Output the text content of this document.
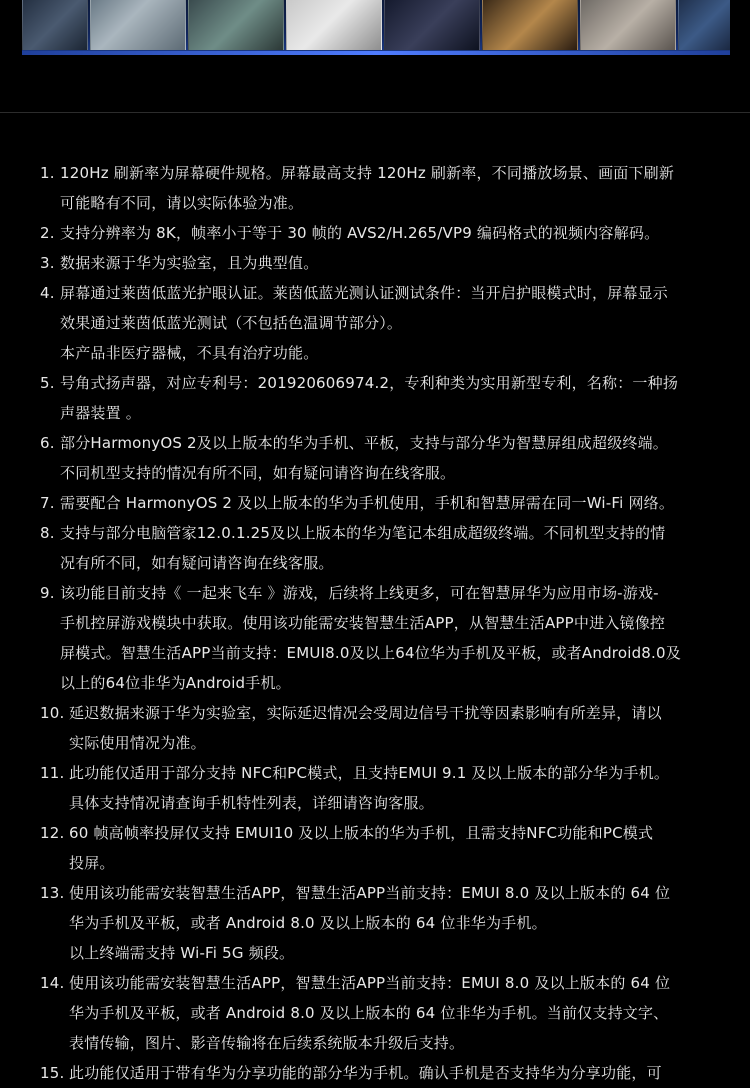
1. 120Hz 刷新率为屏幕硬件规格。屏幕最高支持 120Hz 刷新率，不同播放场景、画面下刷新
可能略有不同，请以实际体验为准。
2. 支持分辨率为 8K，帧率小于等于 30 帧的 AVS2/H.265/VP9 编码格式的视频内容解码。
3. 数据来源于华为实验室，且为典型值。
4. 屏幕通过莱茵低蓝光护眼认证。莱茵低蓝光测认证测试条件：当开启护眼模式时，屏幕显示
效果通过莱茵低蓝光测试（不包括色温调节部分）。
本产品非医疗器械，不具有治疗功能。
5. 号角式扬声器，对应专利号：201920606974.2，专利种类为实用新型专利，名称：一种扬
声器装置 。
6. 部分HarmonyOS 2及以上版本的华为手机、平板，支持与部分华为智慧屏组成超级终端。
不同机型支持的情况有所不同，如有疑问请咨询在线客服。
7. 需要配合 HarmonyOS 2 及以上版本的华为手机使用，手机和智慧屏需在同一Wi-Fi 网络。
8. 支持与部分电脑管家12.0.1.25及以上版本的华为笔记本组成超级终端。不同机型支持的情
况有所不同，如有疑问请咨询在线客服。
9. 该功能目前支持《 一起来飞车 》游戏，后续将上线更多，可在智慧屏华为应用市场-游戏-
手机控屏游戏模块中获取。使用该功能需安装智慧生活APP，从智慧生活APP中进入镜像控
屏模式。智慧生活APP当前支持：EMUI8.0及以上64位华为手机及平板，或者Android8.0及
以上的64位非华为Android手机。
10. 延迟数据来源于华为实验室，实际延迟情况会受周边信号干扰等因素影响有所差异，请以
实际使用情况为准。
11. 此功能仅适用于部分支持 NFC和PC模式，且支持EMUI 9.1 及以上版本的部分华为手机。
具体支持情况请查询手机特性列表，详细请咨询客服。
12. 60 帧高帧率投屏仅支持 EMUI10 及以上版本的华为手机，且需支持NFC功能和PC模式
投屏。
13. 使用该功能需安装智慧生活APP，智慧生活APP当前支持：EMUI 8.0 及以上版本的 64 位
华为手机及平板，或者 Android 8.0 及以上版本的 64 位非华为手机。
以上终端需支持 Wi-Fi 5G 频段。
14. 使用该功能需安装智慧生活APP，智慧生活APP当前支持：EMUI 8.0 及以上版本的 64 位
华为手机及平板，或者 Android 8.0 及以上版本的 64 位非华为手机。当前仅支持文字、
表情传输，图片、影音传输将在后续系统版本升级后支持。
15. 此功能仅适用于带有华为分享功能的部分华为手机。确认手机是否支持华为分享功能，可
